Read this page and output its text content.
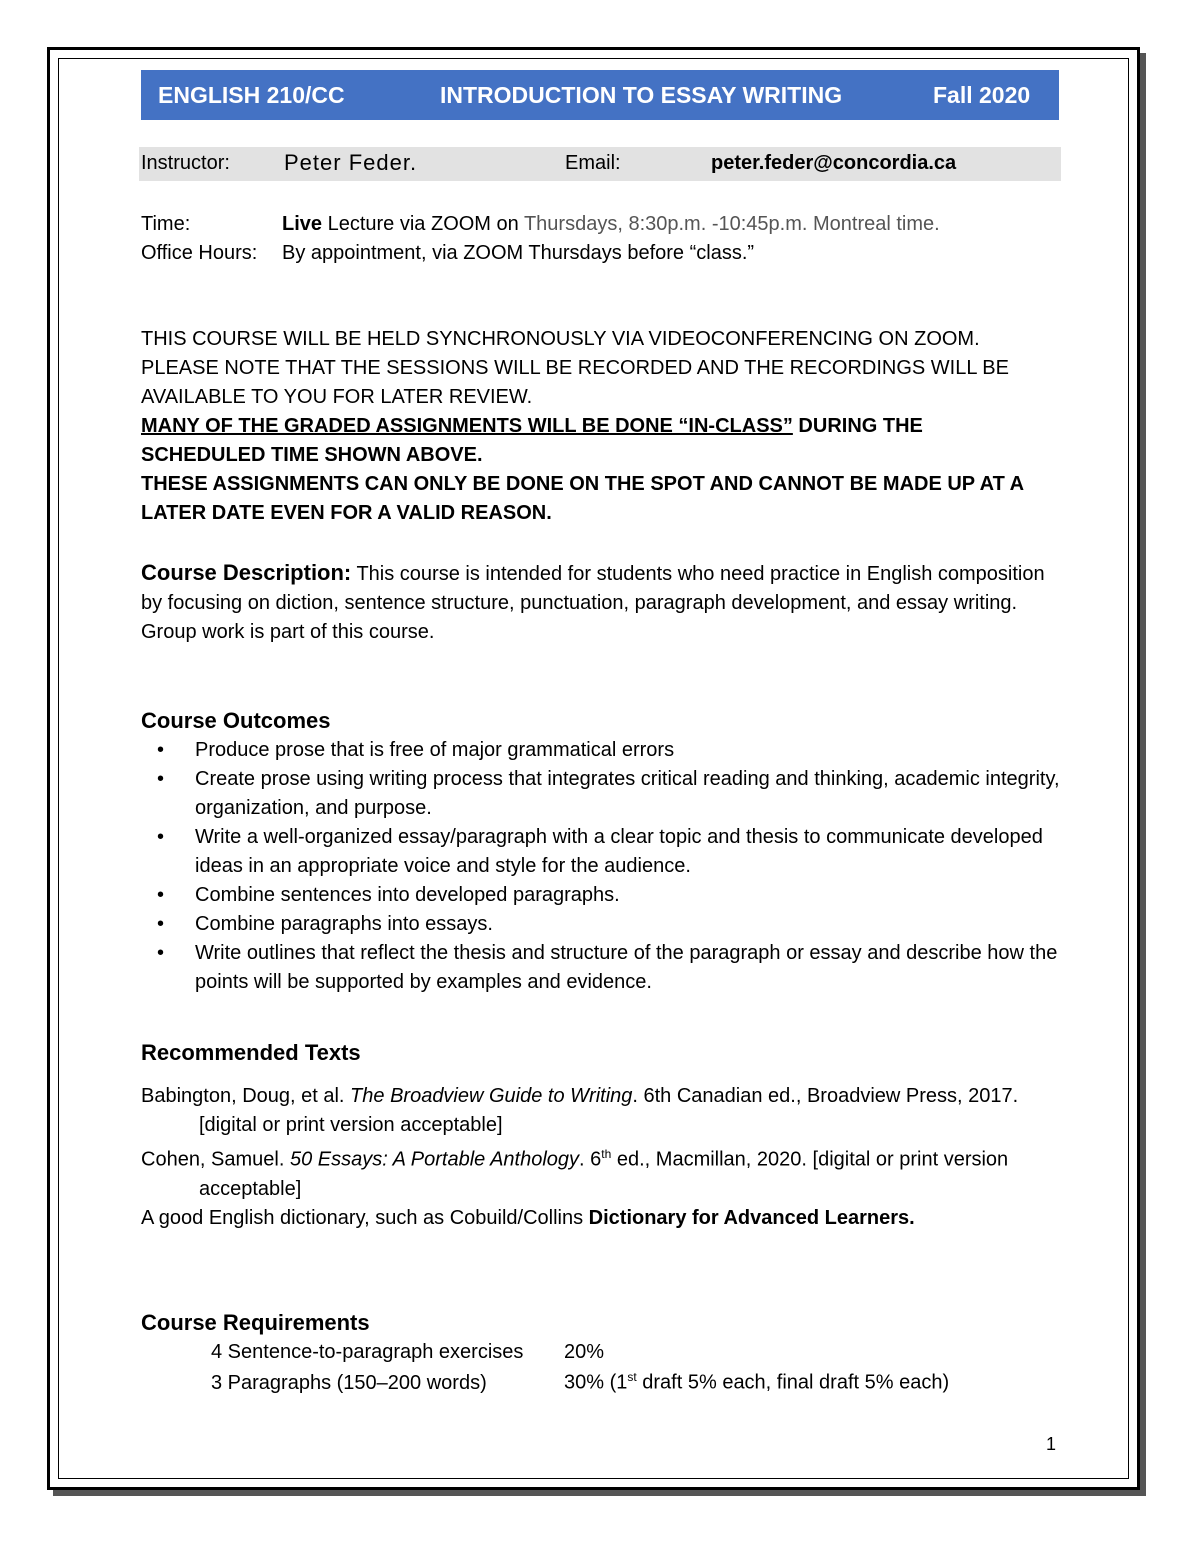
ENGLISH 210/CC	INTRODUCTION TO ESSAY WRITING	Fall 2020
Instructor: Peter Feder.	Email:	peter.feder@concordia.ca
Time:	Live Lecture via ZOOM on Thursdays, 8:30p.m. -10:45p.m. Montreal time.
Office Hours: By appointment, via ZOOM Thursdays before “class.”
THIS COURSE WILL BE HELD SYNCHRONOUSLY VIA VIDEOCONFERENCING ON ZOOM.
PLEASE NOTE THAT THE SESSIONS WILL BE RECORDED AND THE RECORDINGS WILL BE AVAILABLE TO YOU FOR LATER REVIEW.
MANY OF THE GRADED ASSIGNMENTS WILL BE DONE “IN-CLASS” DURING THE SCHEDULED TIME SHOWN ABOVE.
THESE ASSIGNMENTS CAN ONLY BE DONE ON THE SPOT AND CANNOT BE MADE UP AT A LATER DATE EVEN FOR A VALID REASON.
Course Description: This course is intended for students who need practice in English composition by focusing on diction, sentence structure, punctuation, paragraph development, and essay writing. Group work is part of this course.
Course Outcomes
• Produce prose that is free of major grammatical errors
• Create prose using writing process that integrates critical reading and thinking, academic integrity, organization, and purpose.
• Write a well-organized essay/paragraph with a clear topic and thesis to communicate developed ideas in an appropriate voice and style for the audience.
• Combine sentences into developed paragraphs.
• Combine paragraphs into essays.
• Write outlines that reflect the thesis and structure of the paragraph or essay and describe how the points will be supported by examples and evidence.
Recommended Texts
Babington, Doug, et al. The Broadview Guide to Writing. 6th Canadian ed., Broadview Press, 2017. [digital or print version acceptable]
Cohen, Samuel. 50 Essays: A Portable Anthology. 6th ed., Macmillan, 2020. [digital or print version acceptable]
A good English dictionary, such as Cobuild/Collins Dictionary for Advanced Learners.
Course Requirements
4 Sentence-to-paragraph exercises 20%
3 Paragraphs (150–200 words)	30% (1st draft 5% each, final draft 5% each)
1
